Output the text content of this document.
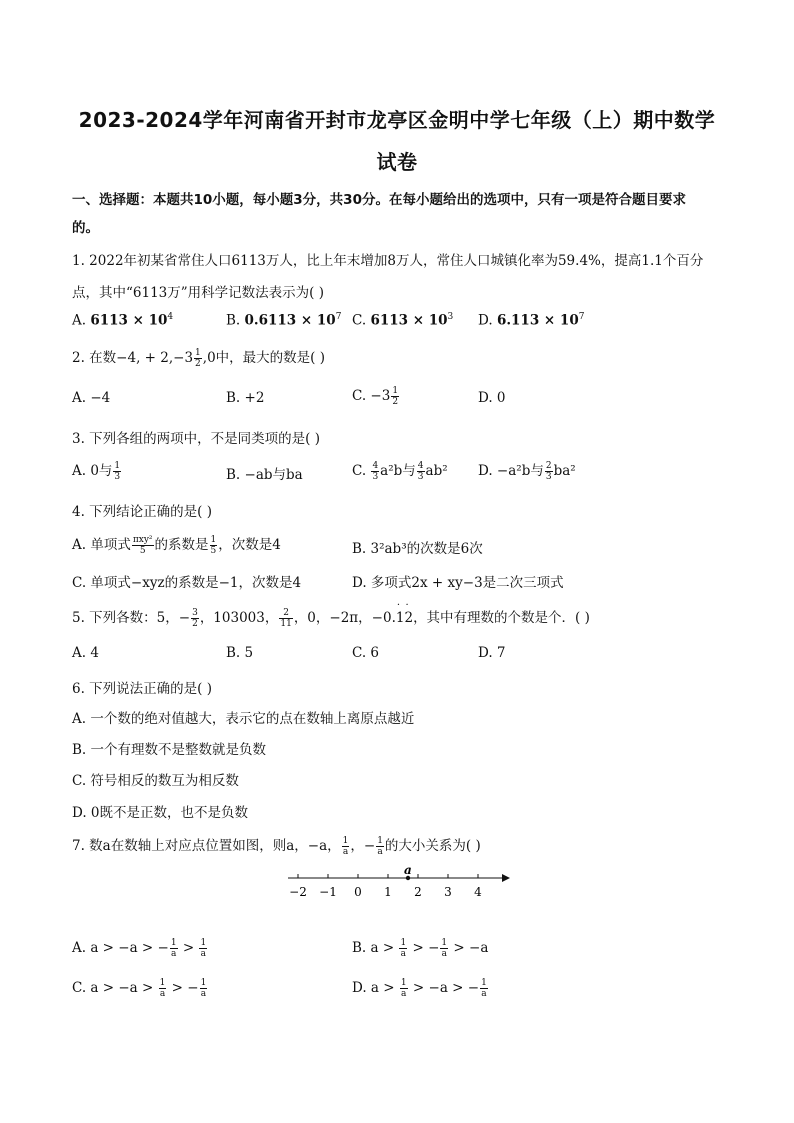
2023-2024学年河南省开封市龙亭区金明中学七年级（上）期中数学
试卷
一、选择题：本题共10小题，每小题3分，共30分。在每小题给出的选项中，只有一项是符合题目要求
的。
1. 2022年初某省常住人口6113万人，比上年末增加8万人，常住人口城镇化率为59.4%，提高1.1个百分
点，其中“6113万”用科学记数法表示为( )
A. $6113 \times 10^4$	B. $0.6113 \times 10^7$ C. $6113 \times 10^3$ D. $6.113 \times 10^7$
2. 在数−4, + $2,-3 \frac{1}{2} ,0$中，最大的数是( )
A. −4	B. +2	C. $-3 \frac{1}{2}$	D. 0
3. 下列各组的两项中，不是同类项的是( )
A. 0与 $\frac{1}{3}$	B. −ab与ba	C. $\frac{4}{3} a^2b$与 $\frac{4}{3} ab^2$ D. −a²b与 $\frac{2}{3} ba^2$
4. 下列结论正确的是( )
A. 单项式 $\frac{\text{πxy²}}{5}$ 的系数是 $\frac{1}{5}$ ，次数是4	B. 3²ab³的次数是6次
C. 单项式−xyz的系数是−1，次数是4	D. 多项式2x + xy−3是二次三项式
5. 下列各数：5，− $\frac{3}{2}$ ，103003， $\frac{2}{11}$ ，0，−2π，−0.· 1· 2，其中有理数的个数是个．( )
A. 4	B. 5	C. 6	D. 7
6. 下列说法正确的是( )
A. 一个数的绝对值越大，表示它的点在数轴上离原点越近
B. 一个有理数不是整数就是负数
C. 符号相反的数互为相反数
D. 0既不是正数，也不是负数
7. 数a在数轴上对应点位置如图，则a，−a， $\frac{1}{a}$ ，− $\frac{1}{a}$ 的大小关系为( )
−2 −1 0 1 2 3 4
a
A. a > −a > − $\frac{1}{a} > \frac{1}{a}$	B. $a > \frac{1}{a}$ > − $\frac{1}{a} > -a$
C. $a > -a > \frac{1}{a}$ > − $\frac{1}{a}$	D. $a > \frac{1}{a} > -a$ > − $\frac{1}{a}$
